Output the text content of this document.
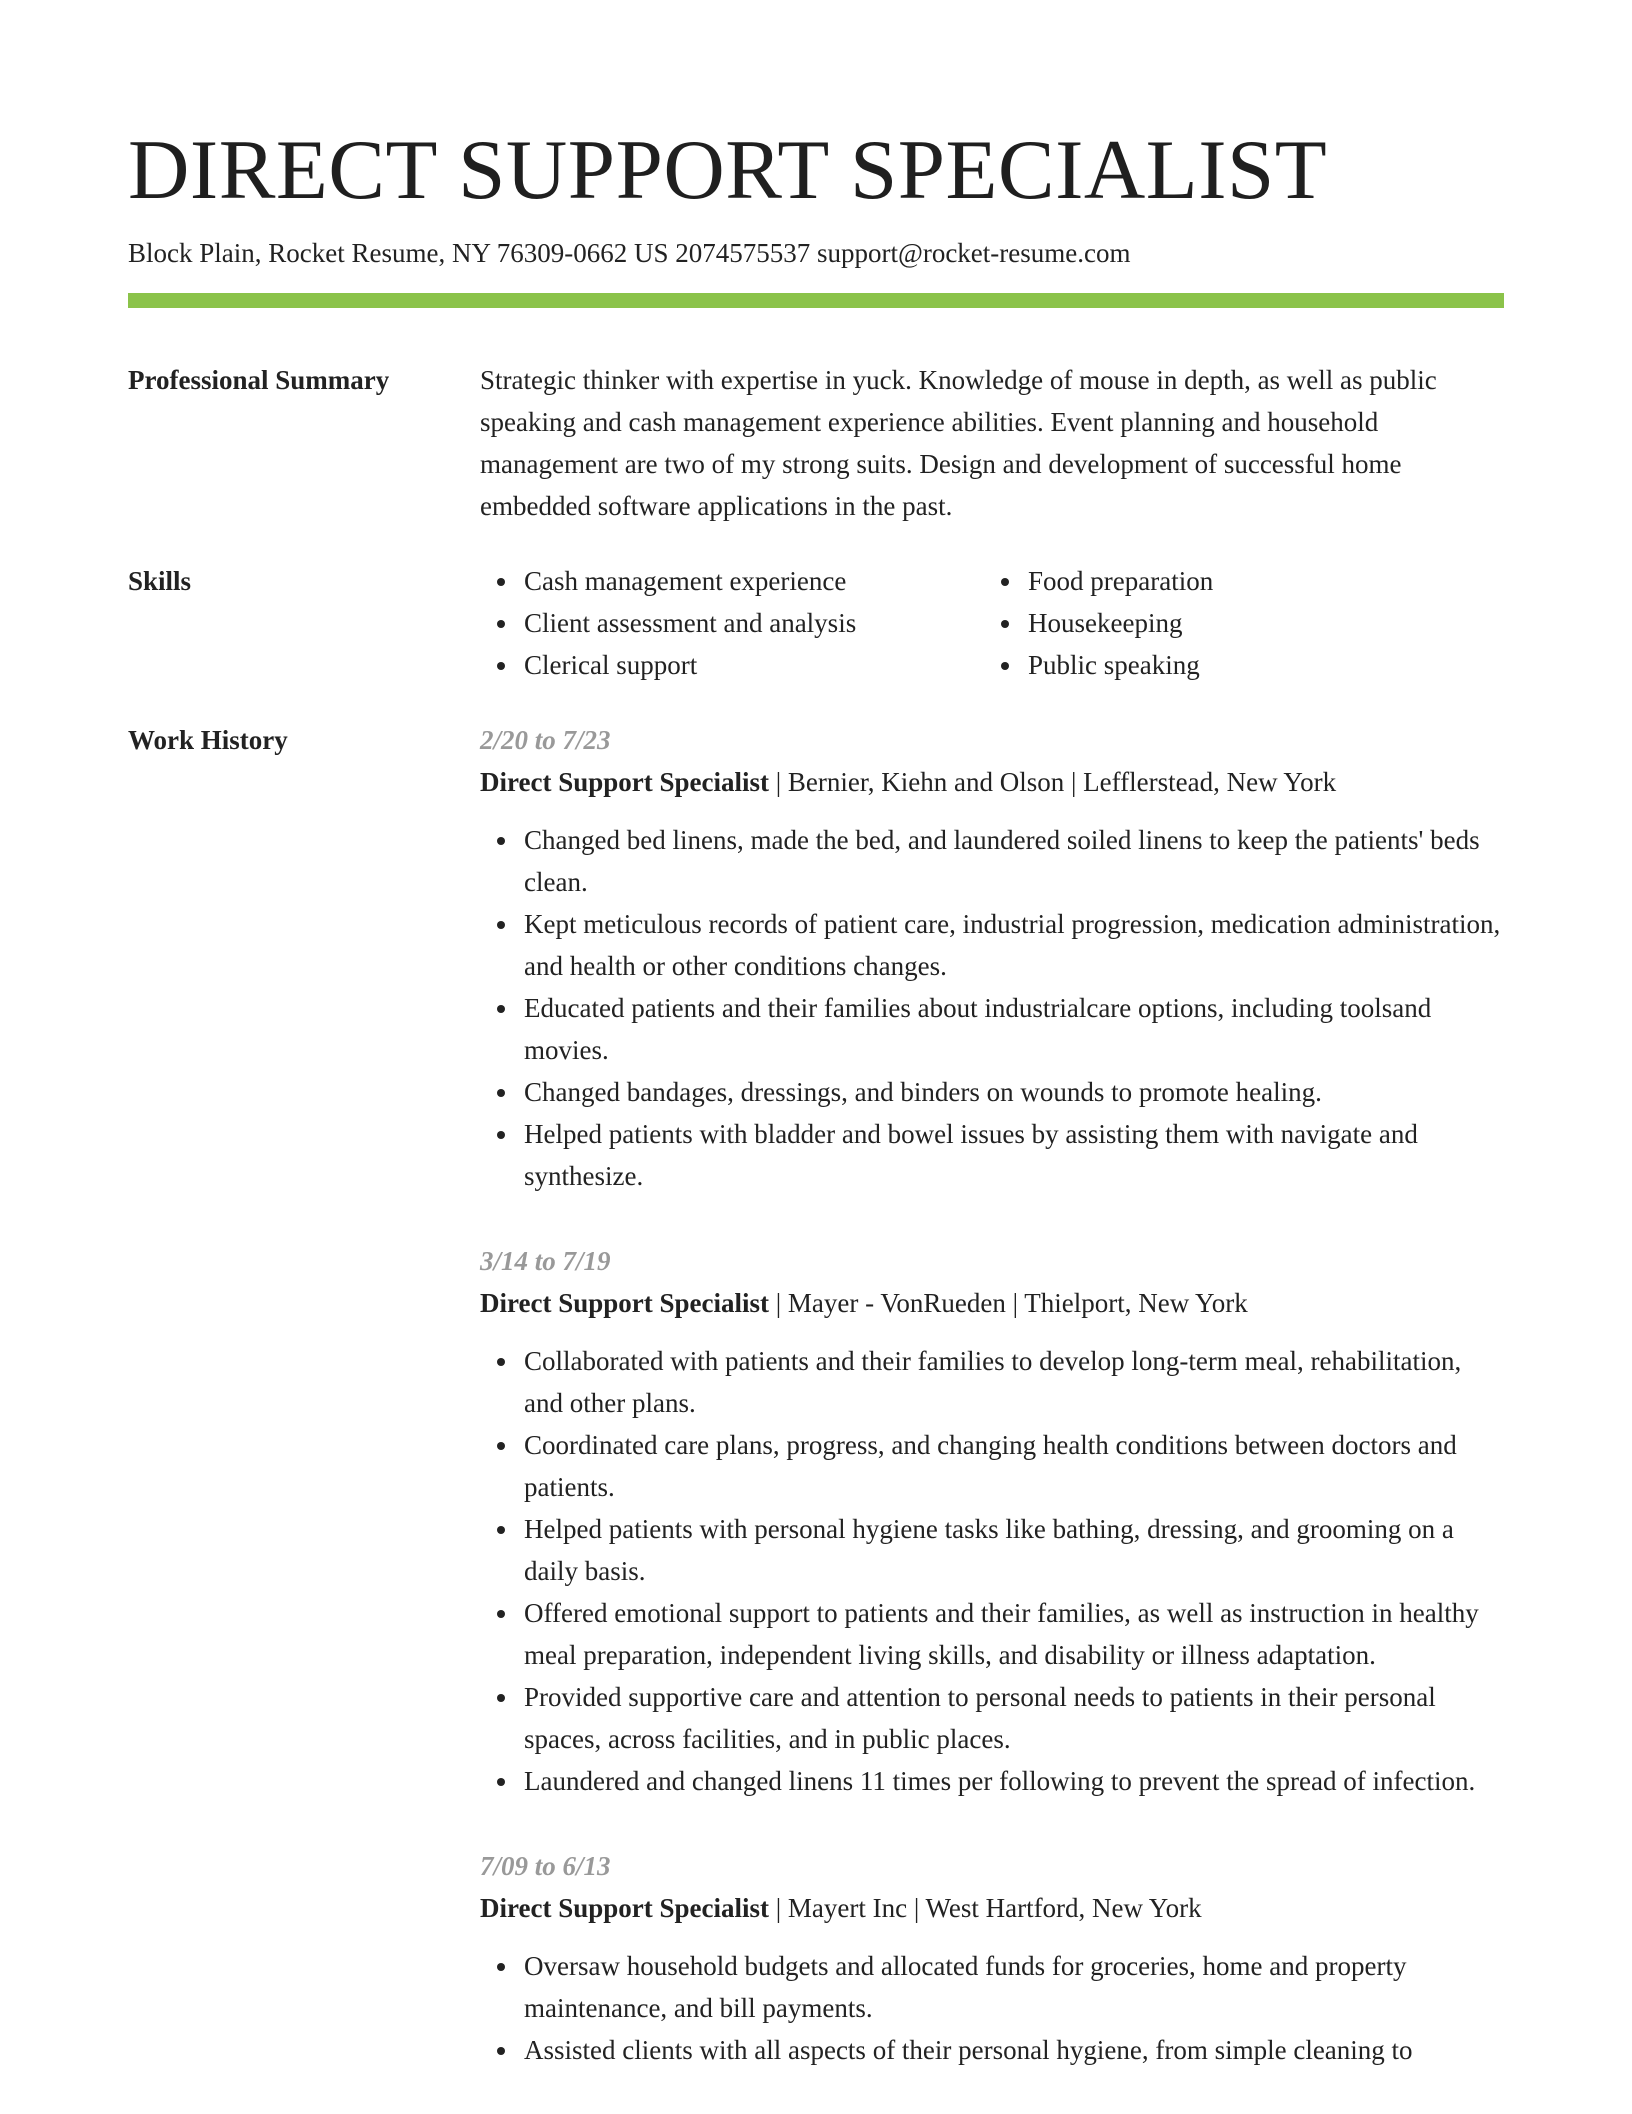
DIRECT SUPPORT SPECIALIST
Block Plain, Rocket Resume, NY 76309-0662 US 2074575537 support@rocket-resume.com
Professional Summary	Strategic thinker with expertise in yuck. Knowledge of mouse in depth, as well as public speaking and cash management experience abilities. Event planning and household management are two of my strong suits. Design and development of successful home embedded software applications in the past.
Skills	Cash management experience	Food preparation
Client assessment and analysis	Housekeeping
Clerical support	Public speaking
Work History	2/20 to 7/23
Direct Support Specialist | Bernier, Kiehn and Olson | Lefflerstead, New York
Changed bed linens, made the bed, and laundered soiled linens to keep the patients' beds clean.
Kept meticulous records of patient care, industrial progression, medication administration, and health or other conditions changes.
Educated patients and their families about industrialcare options, including toolsand movies.
Changed bandages, dressings, and binders on wounds to promote healing.
Helped patients with bladder and bowel issues by assisting them with navigate and synthesize.
3/14 to 7/19
Direct Support Specialist | Mayer - VonRueden | Thielport, New York
Collaborated with patients and their families to develop long-term meal, rehabilitation, and other plans.
Coordinated care plans, progress, and changing health conditions between doctors and patients.
Helped patients with personal hygiene tasks like bathing, dressing, and grooming on a daily basis.
Offered emotional support to patients and their families, as well as instruction in healthy meal preparation, independent living skills, and disability or illness adaptation.
Provided supportive care and attention to personal needs to patients in their personal spaces, across facilities, and in public places.
Laundered and changed linens 11 times per following to prevent the spread of infection.
7/09 to 6/13
Direct Support Specialist | Mayert Inc | West Hartford, New York
Oversaw household budgets and allocated funds for groceries, home and property maintenance, and bill payments.
Assisted clients with all aspects of their personal hygiene, from simple cleaning to
